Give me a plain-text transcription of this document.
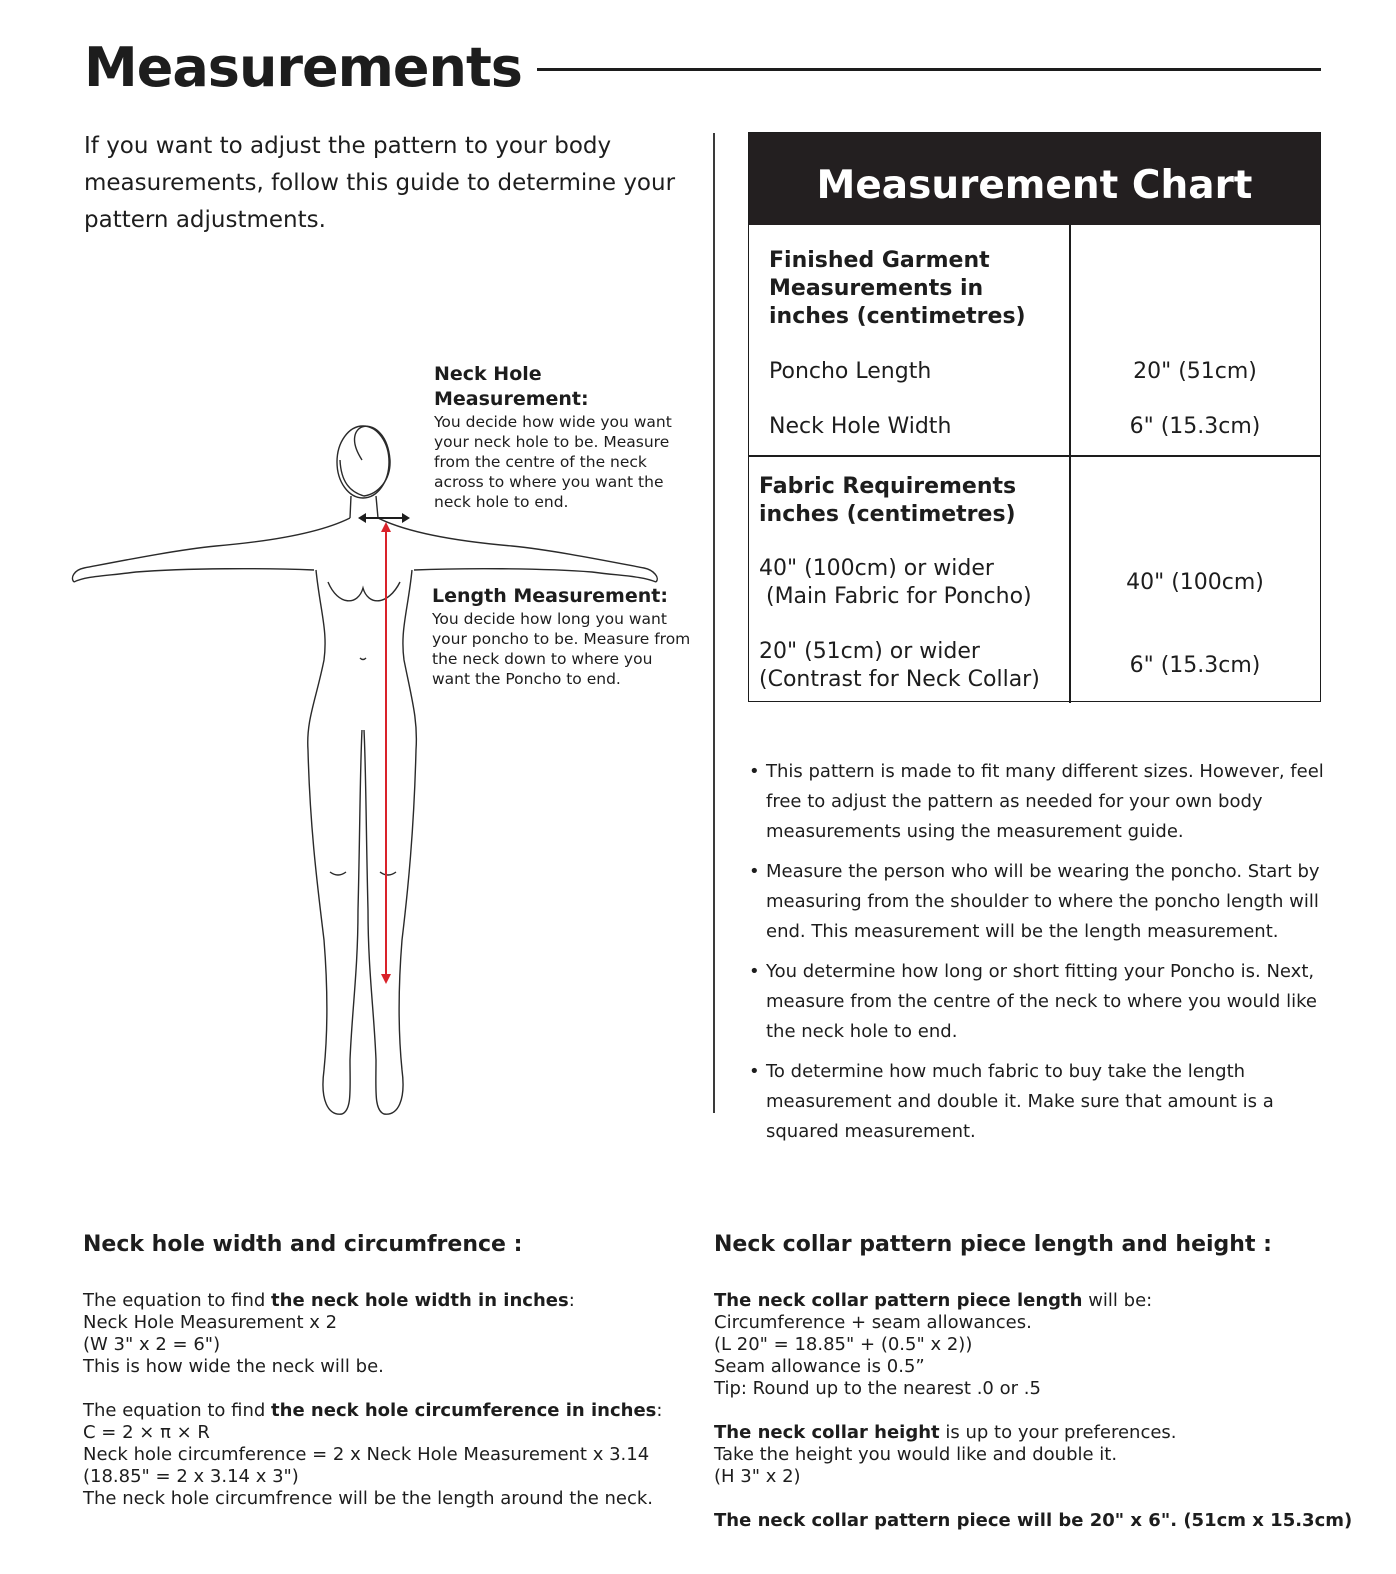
Measurements

If you want to adjust the pattern to your body measurements, follow this guide to determine your pattern adjustments.

Neck Hole Measurement:

You decide how wide you want your neck hole to be. Measure from the centre of the neck across to where you want the neck hole to end.

Length Measurement:

You decide how long you want your poncho to be. Measure from the neck down to where you want the Poncho to end.

Measurement Chart
Finished Garment Measurements in inches (centimetres)
Poncho Length	20" (51cm)
Neck Hole Width	6" (15.3cm)
Fabric Requirements inches (centimetres)
40" (100cm) or wider
(Main Fabric for Poncho)
40" (100cm)
20" (51cm) or wider
(Contrast for Neck Collar)
6" (15.3cm)
• This pattern is made to fit many different sizes. However, feel free to adjust the pattern as needed for your own body measurements using the measurement guide.
• Measure the person who will be wearing the poncho. Start by measuring from the shoulder to where the poncho length will end. This measurement will be the length measurement.
• You determine how long or short fitting your Poncho is. Next, measure from the centre of the neck to where you would like the neck hole to end.
• To determine how much fabric to buy take the length measurement and double it. Make sure that amount is a squared measurement.

Neck hole width and circumfrence :

The equation to find the neck hole width in inches:

Neck Hole Measurement x 2

(W 3" x 2 = 6")

This is how wide the neck will be.

The equation to find the neck hole circumference in inches:

C = 2 × π × R

Neck hole circumference = 2 x Neck Hole Measurement x 3.14

(18.85" = 2 x 3.14 x 3")

The neck hole circumfrence will be the length around the neck.

Neck collar pattern piece length and height :

The neck collar pattern piece length will be:

Circumference + seam allowances.

(L 20" = 18.85" + (0.5" x 2))

Seam allowance is 0.5”

Tip: Round up to the nearest .0 or .5

The neck collar height is up to your preferences.

Take the height you would like and double it.

(H 3" x 2)

The neck collar pattern piece will be 20" x 6". (51cm x 15.3cm)
